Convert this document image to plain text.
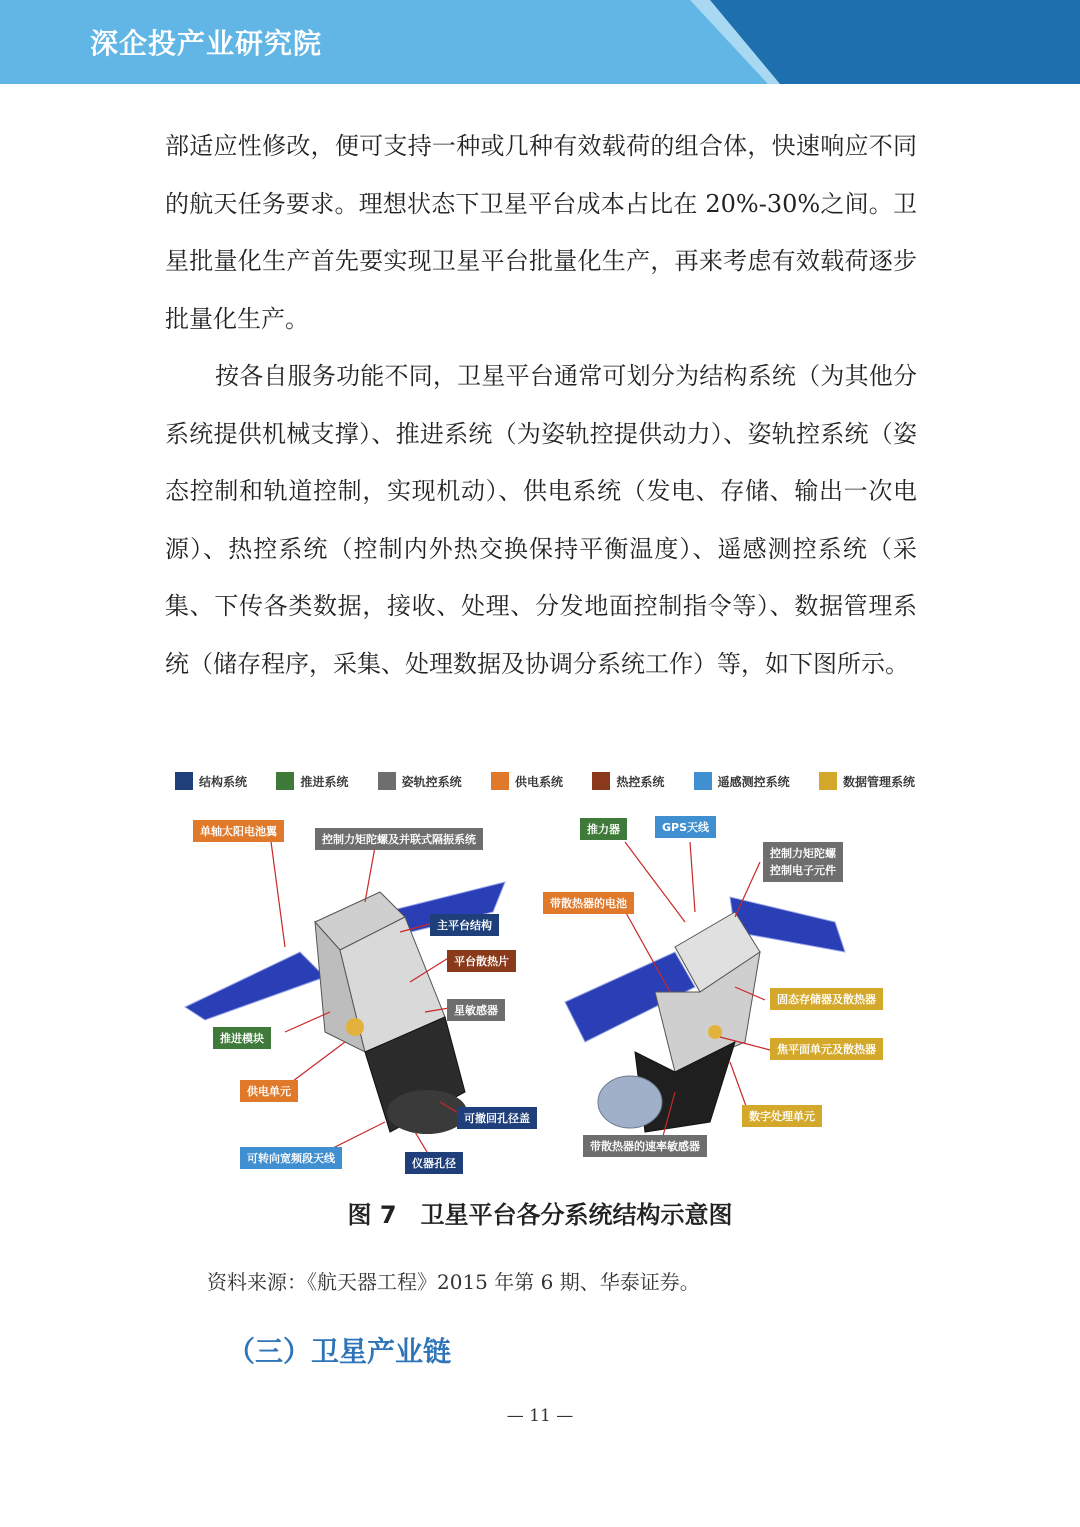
深企投产业研究院

部适应性修改，便可支持一种或几种有效载荷的组合体，快速响应不同的航天任务要求。理想状态下卫星平台成本占比在 20%-30%之间。卫星批量化生产首先要实现卫星平台批量化生产，再来考虑有效载荷逐步批量化生产。

按各自服务功能不同，卫星平台通常可划分为结构系统（为其他分系统提供机械支撑）、推进系统（为姿轨控提供动力）、姿轨控系统（姿态控制和轨道控制，实现机动）、供电系统（发电、存储、输出一次电源）、热控系统（控制内外热交换保持平衡温度）、遥感测控系统（采集、下传各类数据，接收、处理、分发地面控制指令等）、数据管理系统（储存程序，采集、处理数据及协调分系统工作）等，如下图所示。

结构系统	推进系统	姿轨控系统	供电系统	热控系统	遥感测控系统	数据管理系统
单轴太阳电池翼
控制力矩陀螺及并联式隔振系统
主平台结构
平台散热片
星敏感器
推进模块
供电单元
可撤回孔径盖
可转向宽频段天线	仪器孔径
推力器	GPS天线
控制力矩陀螺
控制电子元件
带散热器的电池
固态存储器及散热器
焦平面单元及散热器
数字处理单元
带散热器的速率敏感器
图 7　卫星平台各分系统结构示意图
资料来源：《航天器工程》2015 年第 6 期、华泰证券。
（三）卫星产业链
— 11 —
